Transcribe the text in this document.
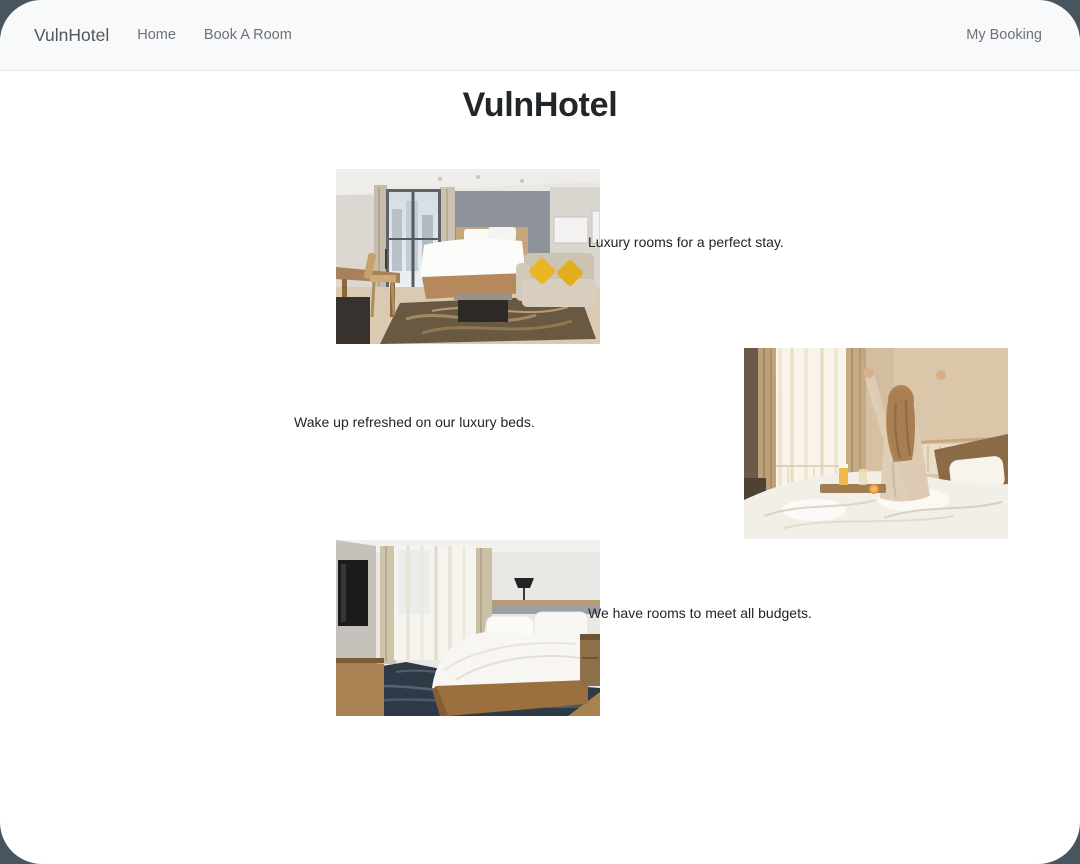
VulnHotel Home Book A Room	My Booking
VulnHotel

Luxury rooms for a perfect stay.

Wake up refreshed on our luxury beds.

We have rooms to meet all budgets.
